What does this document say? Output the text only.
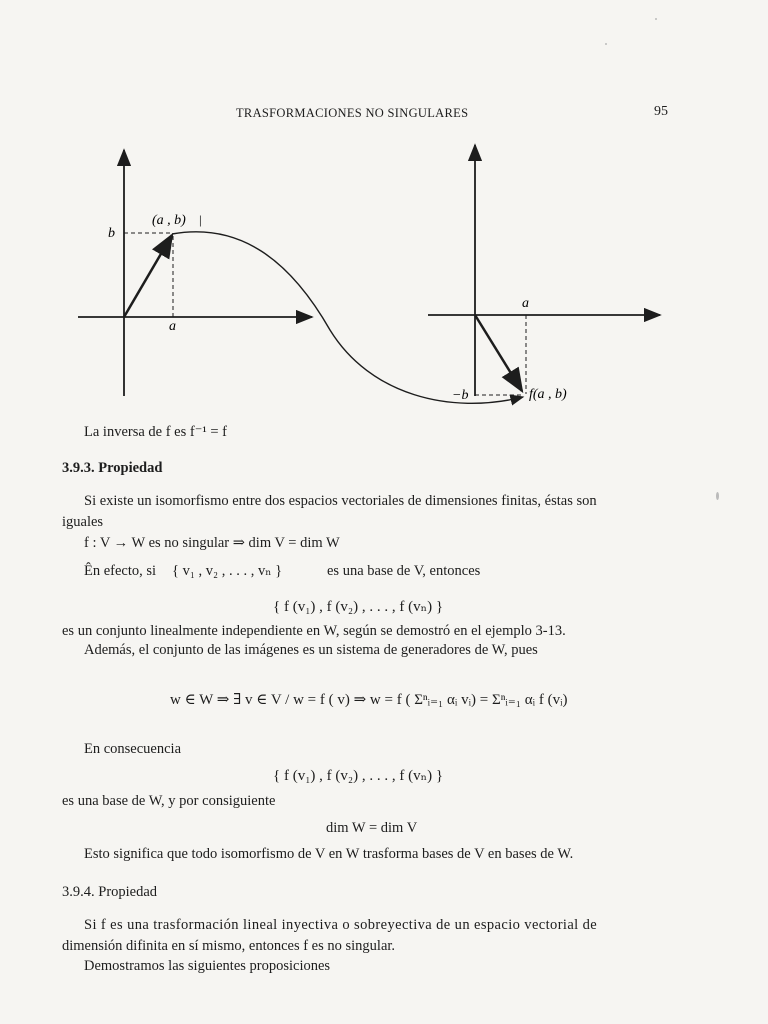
TRASFORMACIONES NO SINGULARES	95
(a , b) |
b
a
a
−b	f(a , b)
La inversa de f es f⁻¹ = f
3.9.3. Propiedad
Si existe un isomorfismo entre dos espacios vectoriales de dimensiones finitas, éstas son
iguales
f : V → W es no singular ⇒ dim V = dim W
Ên efecto, si { v₁ , v₂ , . . . , vₙ }	es una base de V, entonces
{ f (v₁) , f (v₂) , . . . , f (vₙ) }
es un conjunto linealmente independiente en W, según se demostró en el ejemplo 3-13.
Además, el conjunto de las imágenes es un sistema de generadores de W, pues
w ∈ W ⇒ ∃ v ∈ V / w = f ( v) ⇒ w = f ( Σⁿᵢ₌₁ αᵢ vᵢ) = Σⁿᵢ₌₁ αᵢ f (vᵢ)
En consecuencia
{ f (v₁) , f (v₂) , . . . , f (vₙ) }
es una base de W, y por consiguiente
dim W = dim V
Esto significa que todo isomorfismo de V en W trasforma bases de V en bases de W.
3.9.4. Propiedad
Si f es una trasformación lineal inyectiva o sobreyectiva de un espacio vectorial de
dimensión difinita en sí mismo, entonces f es no singular.
Demostramos las siguientes proposiciones
